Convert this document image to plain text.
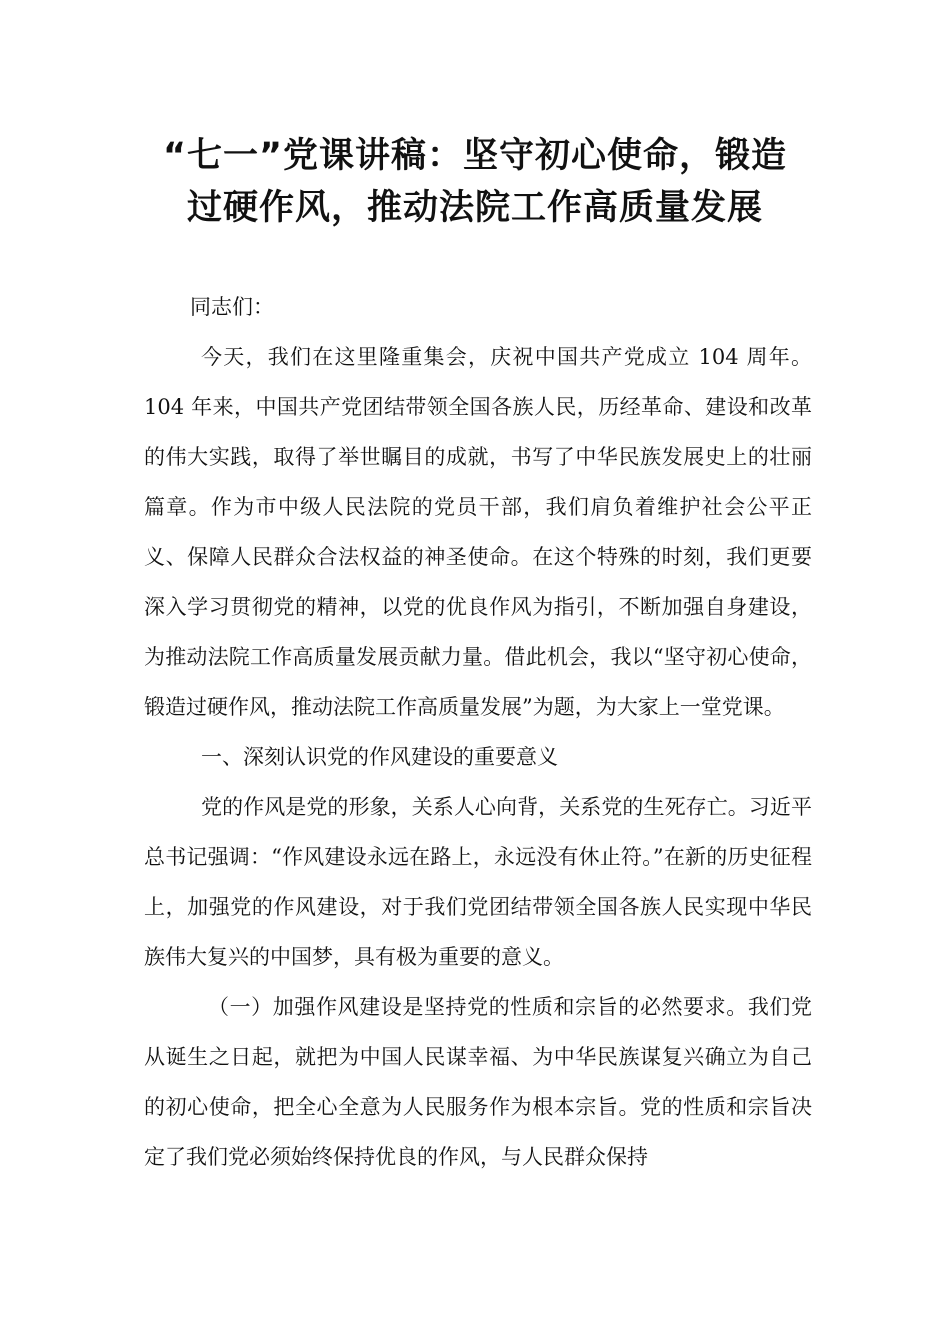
“七一”党课讲稿：坚守初心使命，锻造
过硬作风，推动法院工作高质量发展

同志们：

今天，我们在这里隆重集会，庆祝中国共产党成立 104 周年。104 年来，中国共产党团结带领全国各族人民，历经革命、建设和改革的伟大实践，取得了举世瞩目的成就，书写了中华民族发展史上的壮丽篇章。作为市中级人民法院的党员干部，我们肩负着维护社会公平正义、保障人民群众合法权益的神圣使命。在这个特殊的时刻，我们更要深入学习贯彻党的精神，以党的优良作风为指引，不断加强自身建设，为推动法院工作高质量发展贡献力量。借此机会，我以“坚守初心使命，锻造过硬作风，推动法院工作高质量发展”为题，为大家上一堂党课。

一、深刻认识党的作风建设的重要意义

党的作风是党的形象，关系人心向背，关系党的生死存亡。习近平总书记强调：“作风建设永远在路上，永远没有休止符。”在新的历史征程上，加强党的作风建设，对于我们党团结带领全国各族人民实现中华民族伟大复兴的中国梦，具有极为重要的意义。

（一）加强作风建设是坚持党的性质和宗旨的必然要求。我们党从诞生之日起，就把为中国人民谋幸福、为中华民族谋复兴确立为自己的初心使命，把全心全意为人民服务作为根本宗旨。党的性质和宗旨决定了我们党必须始终保持优良的作风，与人民群众保持
